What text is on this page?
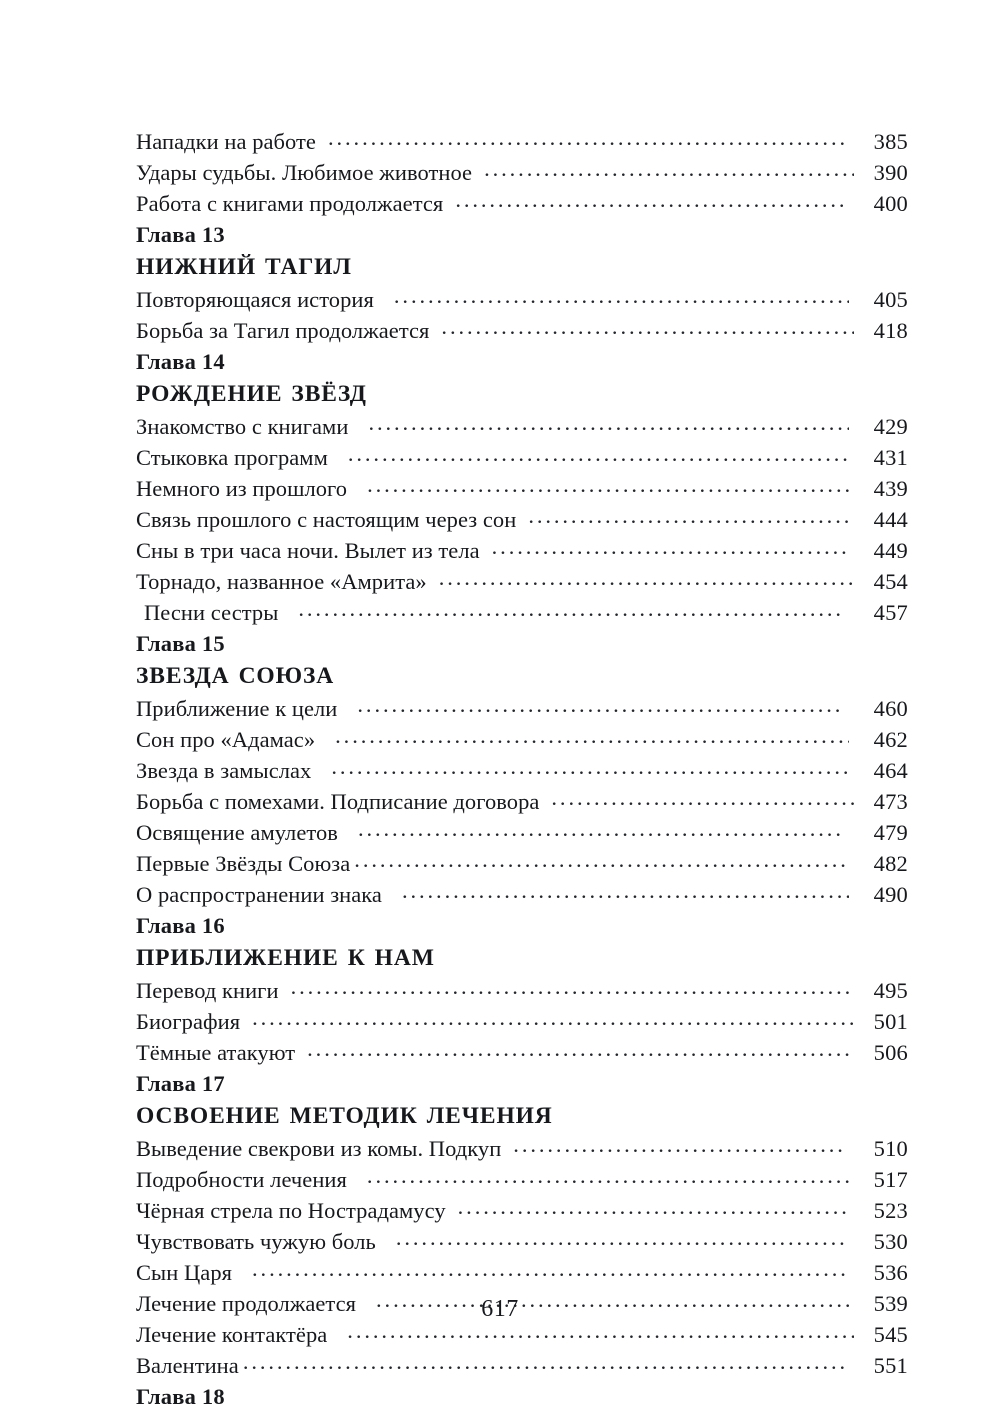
Нападки на работе .....	385
Удары судьбы. Любимое животное .....	390
Работа с книгами продолжается .....	400
Глава 13
НИЖНИЙ ТАГИЛ
Повторяющаяся история .....	405
Борьба за Тагил продолжается .....	418
Глава 14
РОЖДЕНИЕ ЗВЁЗД
Знакомство с книгами .....	429
Стыковка программ .....	431
Немного из прошлого .....	439
Связь прошлого с настоящим через сон .....	444
Сны в три часа ночи. Вылет из тела .....	449
Торнадо, названное «Амрита» .....	454
Песни сестры .....	457
Глава 15
ЗВЕЗДА СОЮЗА
Приближение к цели .....	460
Сон про «Адамас» .....	462
Звезда в замыслах .....	464
Борьба с помехами. Подписание договора .....	473
Освящение амулетов .....	479
Первые Звёзды Союза .....	482
О распространении знака .....	490
Глава 16
ПРИБЛИЖЕНИЕ К НАМ
Перевод книги .....	495
Биография .....	501
Тёмные атакуют .....	506
Глава 17
ОСВОЕНИЕ МЕТОДИК ЛЕЧЕНИЯ
Выведение свекрови из комы. Подкуп .....	510
Подробности лечения .....	517
Чёрная стрела по Нострадамусу .....	523
Чувствовать чужую боль .....	530
Сын Царя .....	536
Лечение продолжается .....	539
Лечение контактёра .....	545
Валентина .....	551
Глава 18
617
